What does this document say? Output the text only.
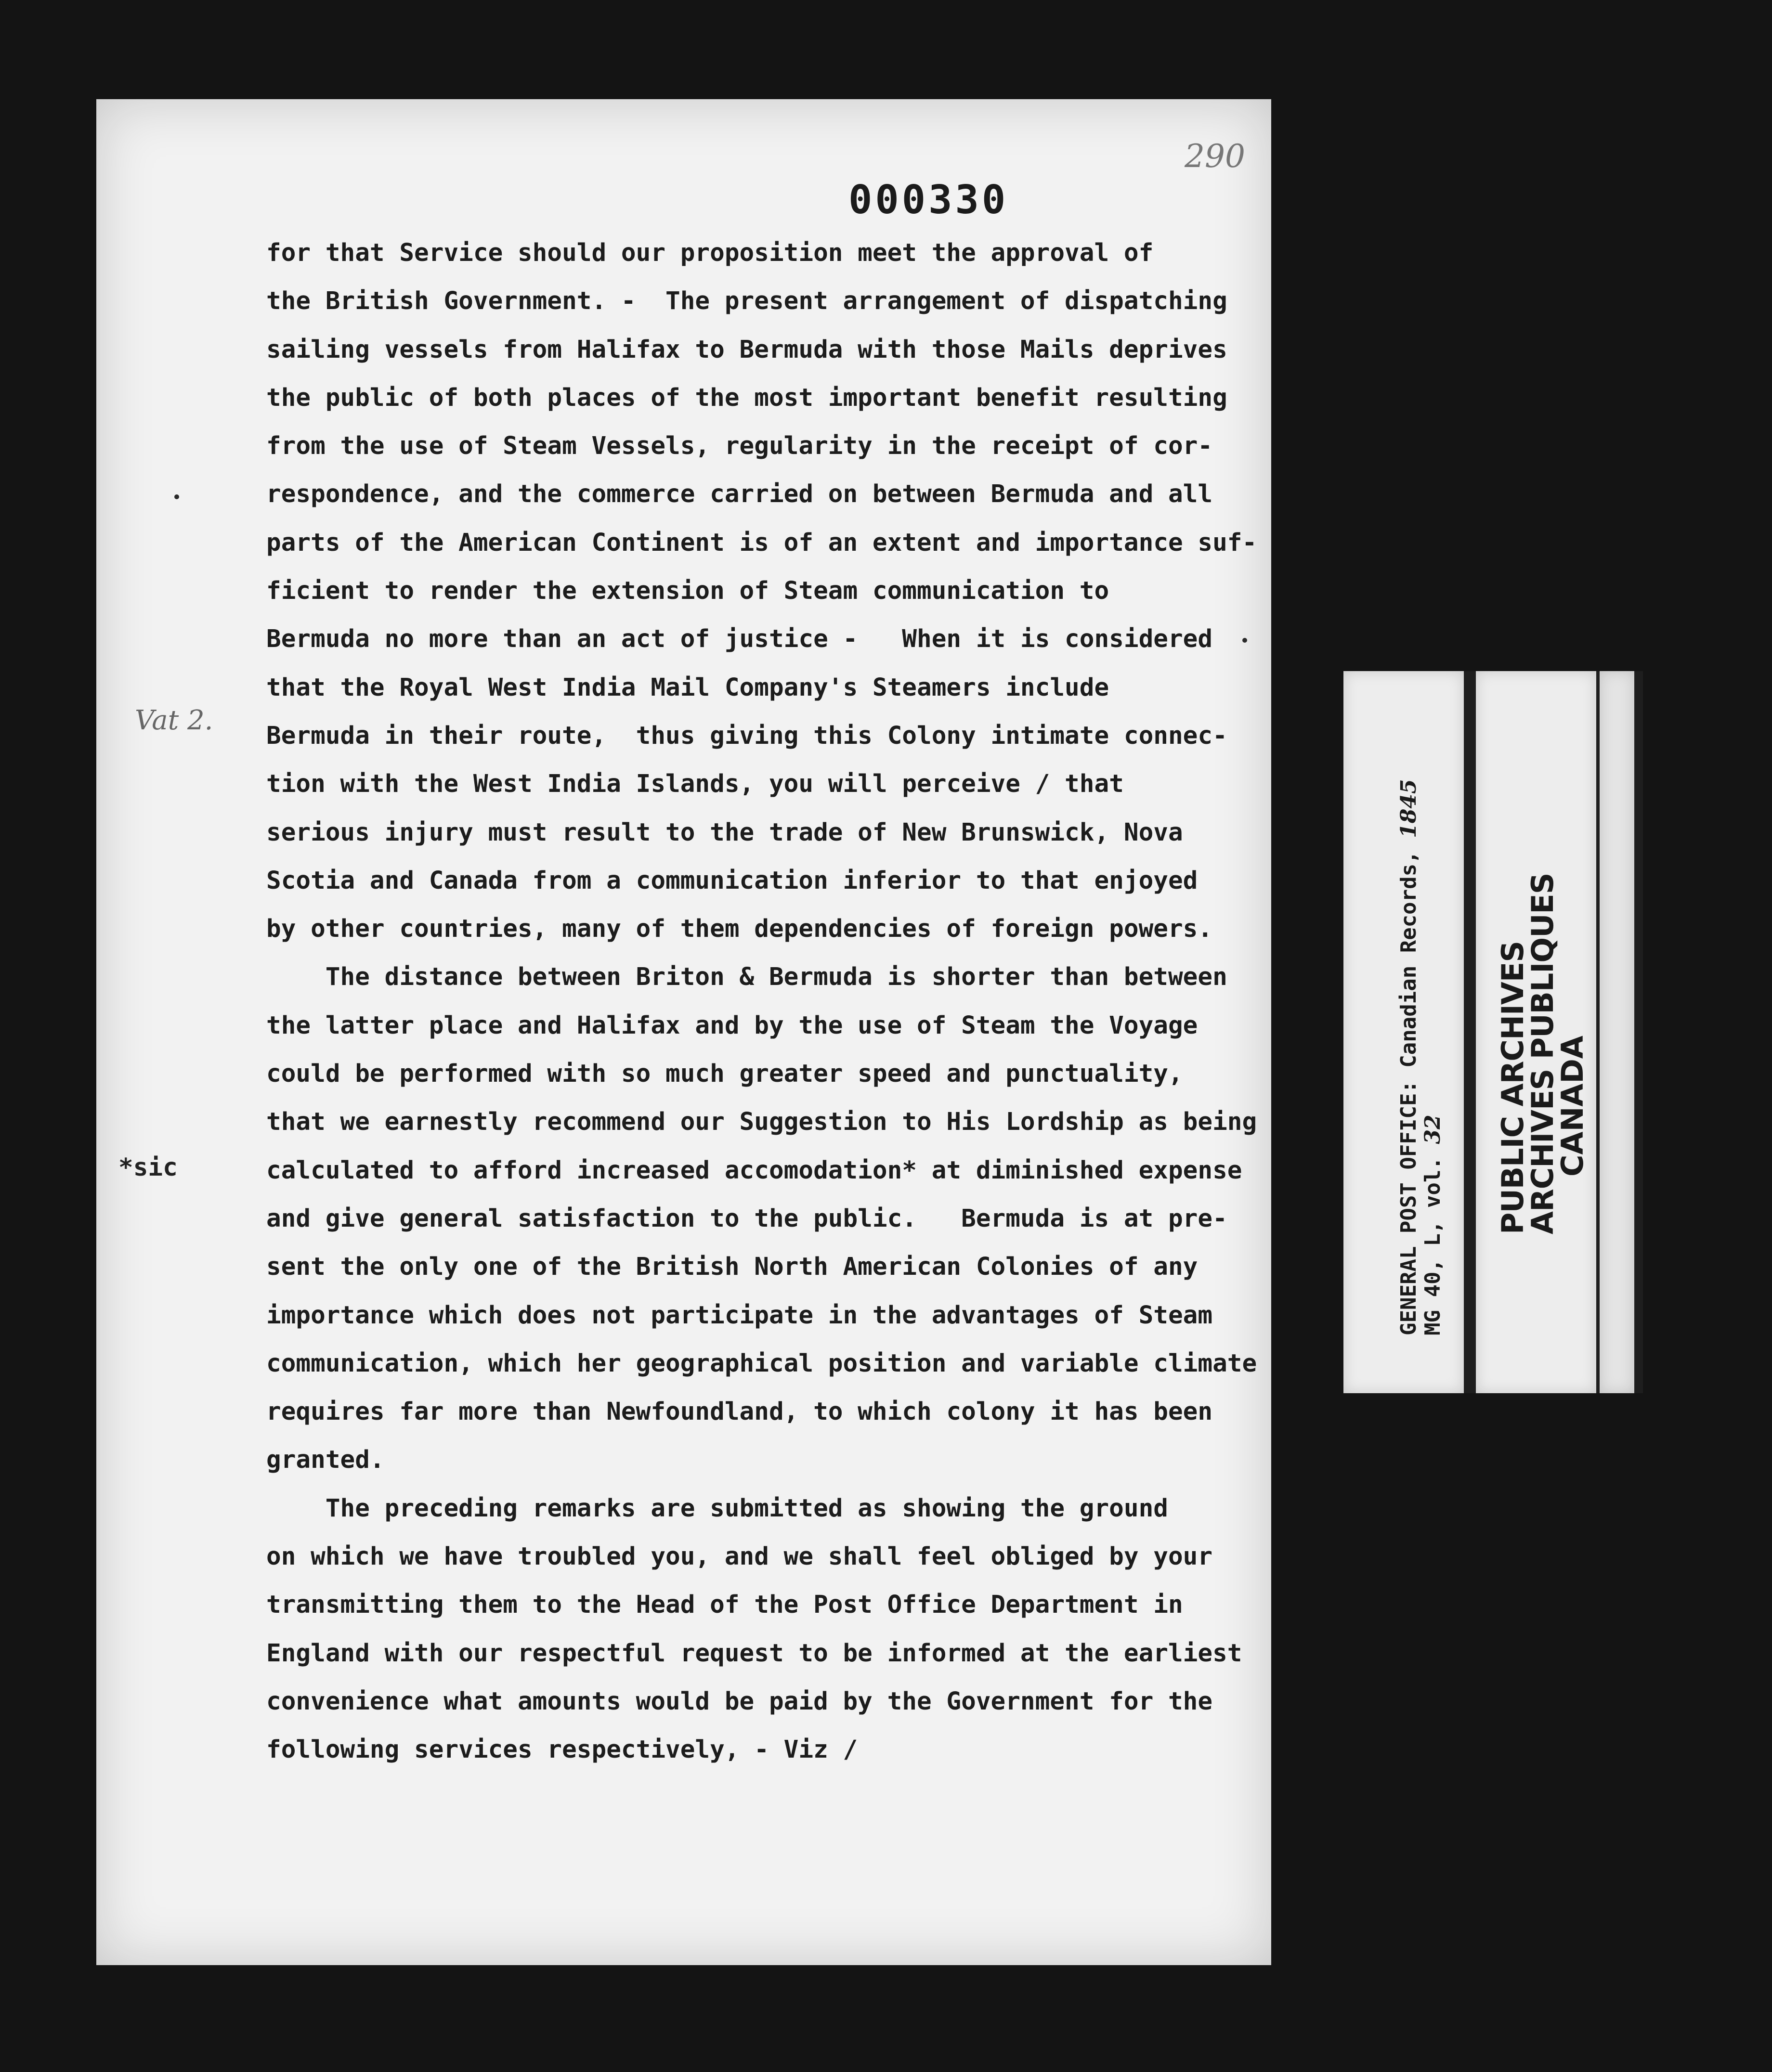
290
000330
Vat 2.
*sic
for that Service should our proposition meet the approval of
the British Government. -  The present arrangement of dispatching
sailing vessels from Halifax to Bermuda with those Mails deprives
the public of both places of the most important benefit resulting
from the use of Steam Vessels, regularity in the receipt of cor-
respondence, and the commerce carried on between Bermuda and all
parts of the American Continent is of an extent and importance suf-
ficient to render the extension of Steam communication to
Bermuda no more than an act of justice -   When it is considered
that the Royal West India Mail Company's Steamers include
Bermuda in their route,  thus giving this Colony intimate connec-
tion with the West India Islands, you will perceive / that
serious injury must result to the trade of New Brunswick, Nova
Scotia and Canada from a communication inferior to that enjoyed
by other countries, many of them dependencies of foreign powers.
The distance between Briton & Bermuda is shorter than between
the latter place and Halifax and by the use of Steam the Voyage
could be performed with so much greater speed and punctuality,
that we earnestly recommend our Suggestion to His Lordship as being
calculated to afford increased accomodation* at diminished expense
and give general satisfaction to the public.   Bermuda is at pre-
sent the only one of the British North American Colonies of any
importance which does not participate in the advantages of Steam
communication, which her geographical position and variable climate
requires far more than Newfoundland, to which colony it has been
granted.
The preceding remarks are submitted as showing the ground
on which we have troubled you, and we shall feel obliged by your
transmitting them to the Head of the Post Office Department in
England with our respectful request to be informed at the earliest
convenience what amounts would be paid by the Government for the
following services respectively, - Viz /
GENERAL POST OFFICE: Canadian Records, 1845
MG 40, L, vol. 32 PUBLIC ARCHIVES
ARCHIVES PUBLIQUES
CANADA
